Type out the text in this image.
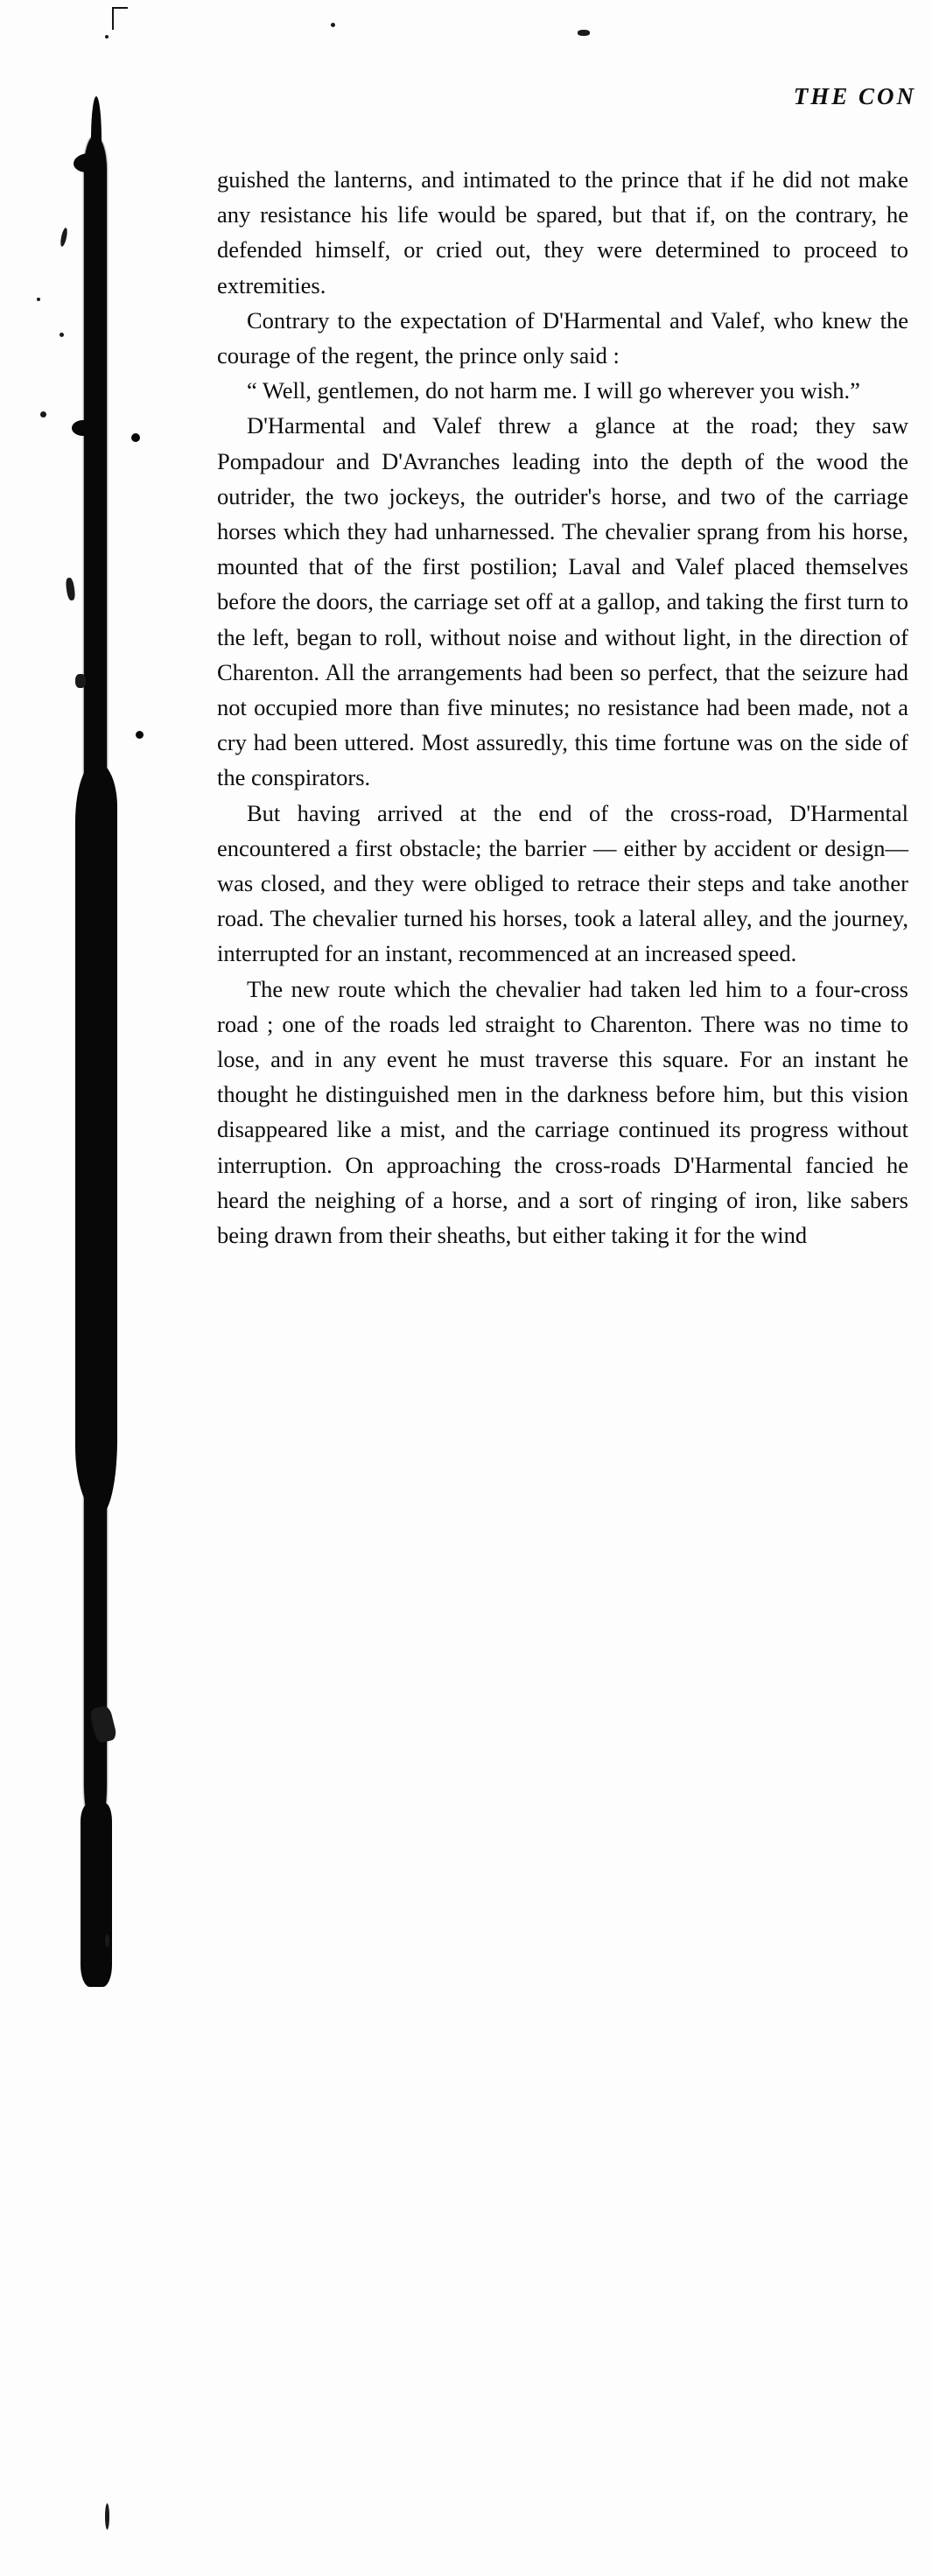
THE CON

guished the lanterns, and intimated to the prince that if he did not make any resistance his life would be spared, but that if, on the contrary, he defended himself, or cried out, they were determined to proceed to extremities.

Contrary to the expectation of D'Harmental and Valef, who knew the courage of the regent, the prince only said :

“ Well, gentlemen, do not harm me. I will go wherever you wish.”

D'Harmental and Valef threw a glance at the road; they saw Pompadour and D'Avranches leading into the depth of the wood the outrider, the two jockeys, the outrider's horse, and two of the carriage horses which they had unharnessed. The chevalier sprang from his horse, mounted that of the first postilion; Laval and Valef placed themselves before the doors, the carriage set off at a gallop, and taking the first turn to the left, began to roll, without noise and without light, in the direction of Charenton. All the arrangements had been so perfect, that the seizure had not occupied more than five minutes; no resistance had been made, not a cry had been uttered. Most assuredly, this time fortune was on the side of the conspirators.

But having arrived at the end of the cross-road, D'Harmental encountered a first obstacle; the barrier — either by accident or design—was closed, and they were obliged to retrace their steps and take another road. The chevalier turned his horses, took a lateral alley, and the journey, interrupted for an instant, recommenced at an increased speed.

The new route which the chevalier had taken led him to a four-cross road ; one of the roads led straight to Charenton. There was no time to lose, and in any event he must traverse this square. For an instant he thought he distinguished men in the darkness before him, but this vision disappeared like a mist, and the carriage continued its progress without interruption. On approaching the cross-roads D'Harmental fancied he heard the neighing of a horse, and a sort of ringing of iron, like sabers being drawn from their sheaths, but either taking it for the wind
